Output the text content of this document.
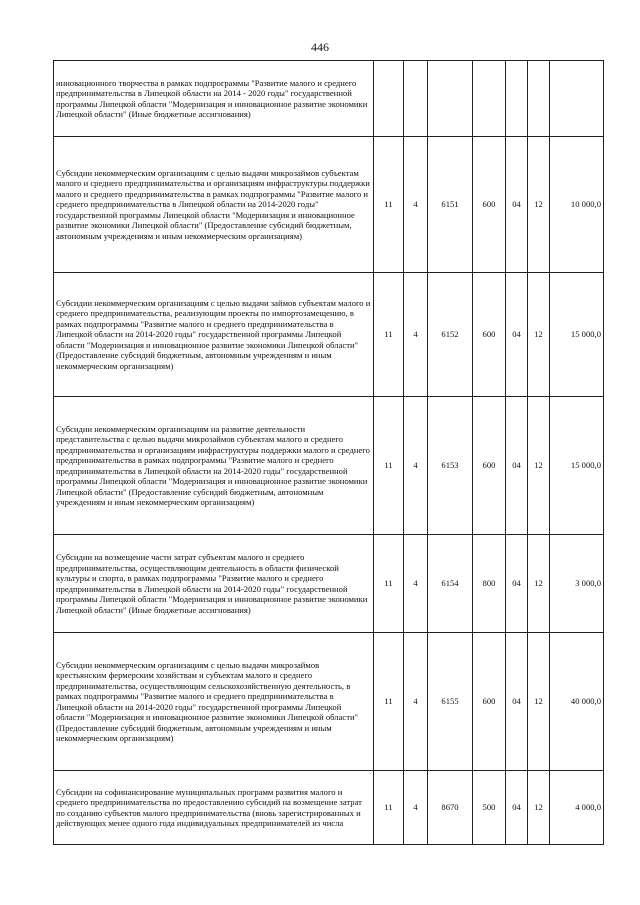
446
инновационного творчества в рамках подпрограммы "Развитие малого и среднего предпринимательства в Липецкой области на 2014 - 2020 годы" государственной программы Липецкой области "Модернизация и инновационное развитие экономики Липецкой области" (Иные бюджетные ассигнования)							
Субсидии некоммерческим организациям с целью выдачи микрозаймов субъектам малого и среднего предпринимательства и организациям инфраструктуры поддержки малого и среднего предпринимательства в рамках подпрограммы "Развитие малого и среднего предпринимательства в Липецкой области на 2014-2020 годы" государственной программы Липецкой области "Модернизация и инновационное развитие экономики Липецкой области" (Предоставление субсидий бюджетным, автономным учреждениям и иным некоммерческим организациям)	11	4	6151	600	04	12	10 000,0
Субсидии некоммерческим организациям с целью выдачи займов субъектам малого и среднего предпринимательства, реализующим проекты по импортозамещению, в рамках подпрограммы "Развитие малого и среднего предпринимательства в Липецкой области на 2014-2020 годы" государственной программы Липецкой области "Модернизация и инновационное развитие экономики Липецкой области" (Предоставление субсидий бюджетным, автономным учреждениям и иным некоммерческим организациям)	11	4	6152	600	04	12	15 000,0
Субсидии некоммерческим организациям на развитие деятельности представительства с целью выдачи микрозаймов субъектам малого и среднего предпринимательства и организациям инфраструктуры поддержки малого и среднего предпринимательства в рамках подпрограммы "Развитие малого и среднего предпринимательства в Липецкой области на 2014-2020 годы" государственной программы Липецкой области "Модернизация и инновационное развитие экономики Липецкой области" (Предоставление субсидий бюджетным, автономным учреждениям и иным некоммерческим организациям)	11	4	6153	600	04	12	15 000,0
Субсидии на возмещение части затрат субъектам малого и среднего предпринимательства, осуществляющим деятельность в области физической культуры и спорта, в рамках подпрограммы "Развитие малого и среднего предпринимательства в Липецкой области на 2014-2020 годы" государственной программы Липецкой области "Модернизация и инновационное развитие экономики Липецкой области" (Иные бюджетные ассигнования)	11	4	6154	800	04	12	3 000,0
Субсидии некоммерческим организациям с целью выдачи микрозаймов крестьянским фермерским хозяйствам и субъектам малого и среднего предпринимательства, осуществляющим сельскохозяйственную деятельность, в рамках подпрограммы "Развитие малого и среднего предпринимательства в Липецкой области на 2014-2020 годы" государственной программы Липецкой области "Модернизация и инновационное развитие экономики Липецкой области" (Предоставление субсидий бюджетным, автономным учреждениям и иным некоммерческим организациям)	11	4	6155	600	04	12	40 000,0
Субсидии на софинансирование муниципальных программ развития малого и среднего предпринимательства по предоставлению субсидий на возмещение затрат по созданию субъектов малого предпринимательства (вновь зарегистрированных и действующих менее одного года индивидуальных предпринимателей из числа	11	4	8670	500	04	12	4 000,0
